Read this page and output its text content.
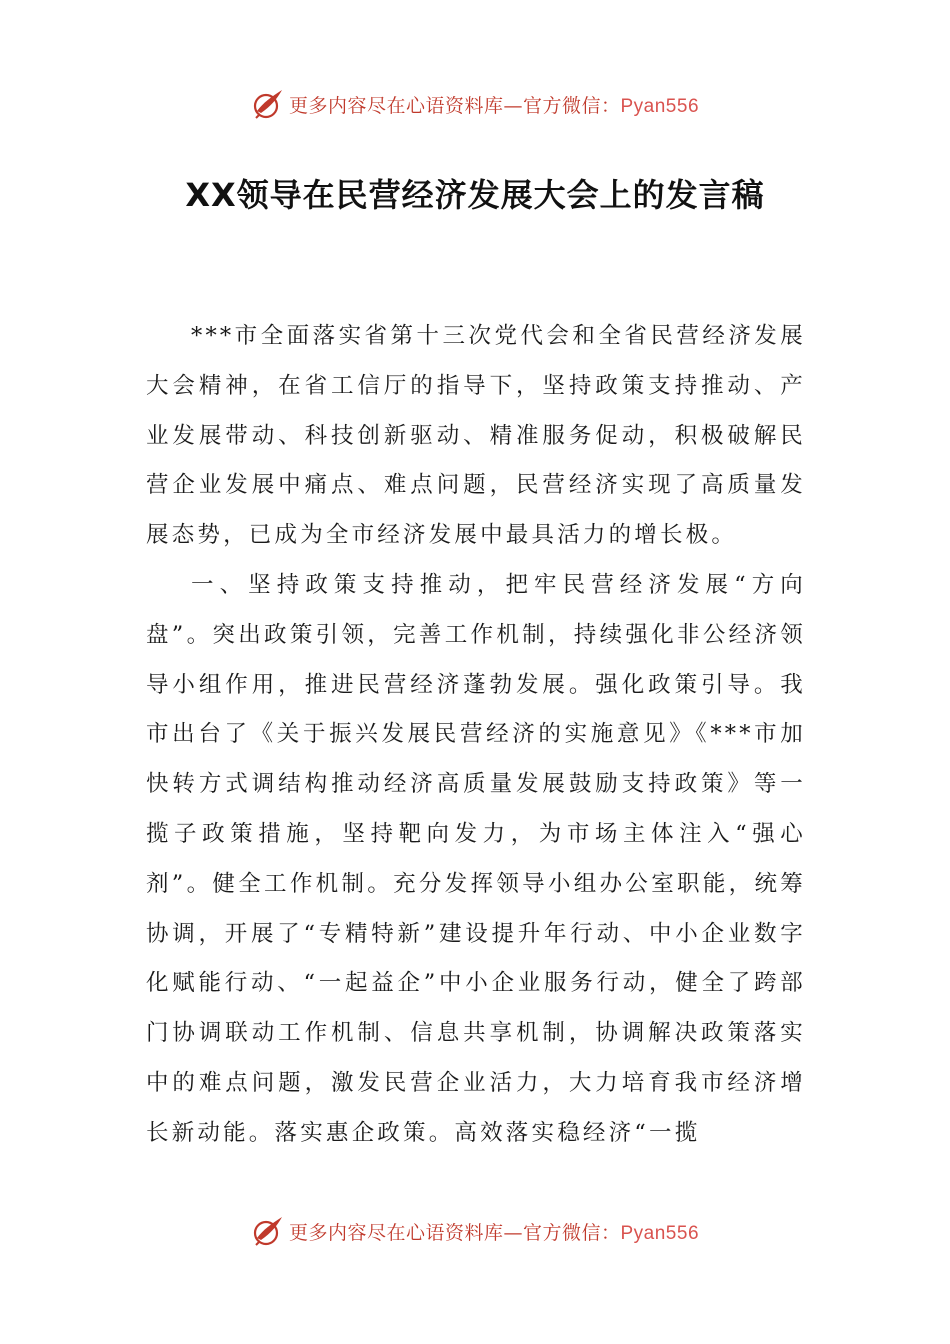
更多内容尽在心语资料库—官方微信：Pyan556
XX领导在民营经济发展大会上的发言稿

***市全面落实省第十三次党代会和全省民营经济发展大会精神，在省工信厅的指导下，坚持政策支持推动、产业发展带动、科技创新驱动、精准服务促动，积极破解民营企业发展中痛点、难点问题，民营经济实现了高质量发展态势，已成为全市经济发展中最具活力的增长极。

一、坚持政策支持推动，把牢民营经济发展“方向盘”。突出政策引领，完善工作机制，持续强化非公经济领导小组作用，推进民营经济蓬勃发展。强化政策引导。我市出台了《关于振兴发展民营经济的实施意见》《***市加快转方式调结构推动经济高质量发展鼓励支持政策》等一揽子政策措施，坚持靶向发力，为市场主体注入“强心剂”。健全工作机制。充分发挥领导小组办公室职能，统筹协调，开展了“专精特新”建设提升年行动、中小企业数字化赋能行动、“一起益企”中小企业服务行动，健全了跨部门协调联动工作机制、信息共享机制，协调解决政策落实中的难点问题，激发民营企业活力，大力培育我市经济增长新动能。落实惠企政策。高效落实稳经济“一揽

更多内容尽在心语资料库—官方微信：Pyan556
